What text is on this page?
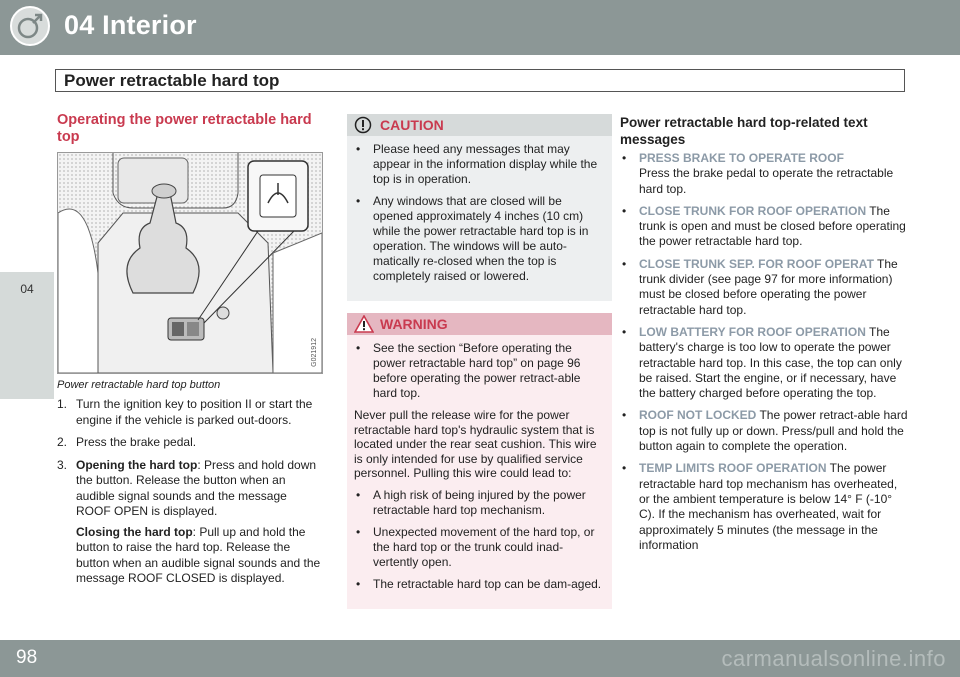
04 Interior
Power retractable hard top
04
Operating the power retractable hard top
G021912
Power retractable hard top button
1. Turn the ignition key to position II or start the engine if the vehicle is parked out-doors.
2. Press the brake pedal.
3. Opening the hard top: Press and hold down the button. Release the button when an audible signal sounds and the message ROOF OPEN is displayed.

Closing the hard top: Pull up and hold the button to raise the hard top. Release the button when an audible signal sounds and the message ROOF CLOSED is displayed.

CAUTION
• Please heed any messages that may appear in the information display while the top is in operation.
• Any windows that are closed will be opened approximately 4 inches (10 cm) while the power retractable hard top is in operation. The windows will be auto-matically re-closed when the top is completely raised or lowered.
WARNING
• See the section “Before operating the power retractable hard top” on page 96 before operating the power retract-able hard top.

Never pull the release wire for the power retractable hard top's hydraulic system that is located under the rear seat cushion. This wire is only intended for use by qualified service personnel. Pulling this wire could lead to:

• A high risk of being injured by the power retractable hard top mechanism.
• Unexpected movement of the hard top, or the hard top or the trunk could inad-vertently open.
• The retractable hard top can be dam-aged.
Power retractable hard top-related text messages
• PRESS BRAKE TO OPERATE ROOF
Press the brake pedal to operate the retractable hard top.
• CLOSE TRUNK FOR ROOF OPERATION The trunk is open and must be closed before operating the power retractable hard top.
• CLOSE TRUNK SEP. FOR ROOF OPERAT The trunk divider (see page 97 for more information) must be closed before operating the power retractable hard top.
• LOW BATTERY FOR ROOF OPERATION The battery's charge is too low to operate the power retractable hard top. In this case, the top can only be raised. Start the engine, or if necessary, have the battery charged before operating the top.
• ROOF NOT LOCKED The power retract-able hard top is not fully up or down. Press/pull and hold the button again to complete the operation.
• TEMP LIMITS ROOF OPERATION The power retractable hard top mechanism has overheated, or the ambient temperature is below 14° F (-10° C). If the mechanism has overheated, wait for approximately 5 minutes (the message in the information
98	carmanualsonline.info
